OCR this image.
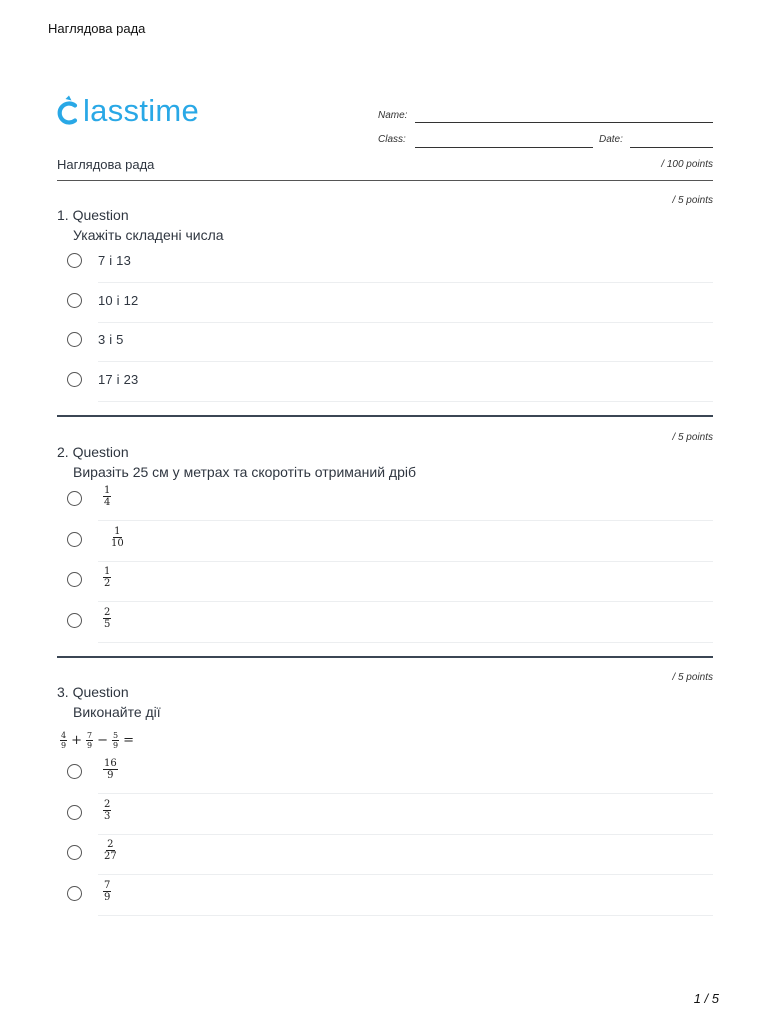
Наглядова рада
lasstime	Name:
Class:	Date:
Наглядова рада	/ 100 points
/ 5 points
1. Question
Укажіть складені числа
7 і 13
10 і 12
3 і 5
17 і 23
/ 5 points
2. Question
Виразіть 25 см у метрах та скоротіть отриманий дріб
$\frac{1}{4}$
$\frac{1}{10}$
$\frac{1}{2}$
$\frac{2}{5}$
/ 5 points
3. Question
Виконайте дії
$\frac{4}{9} + \frac{7}{9} - \frac{5}{9}$ =
$\frac{16}{9}$
$\frac{2}{3}$
$\frac{2}{27}$
$\frac{7}{9}$
1 / 5
